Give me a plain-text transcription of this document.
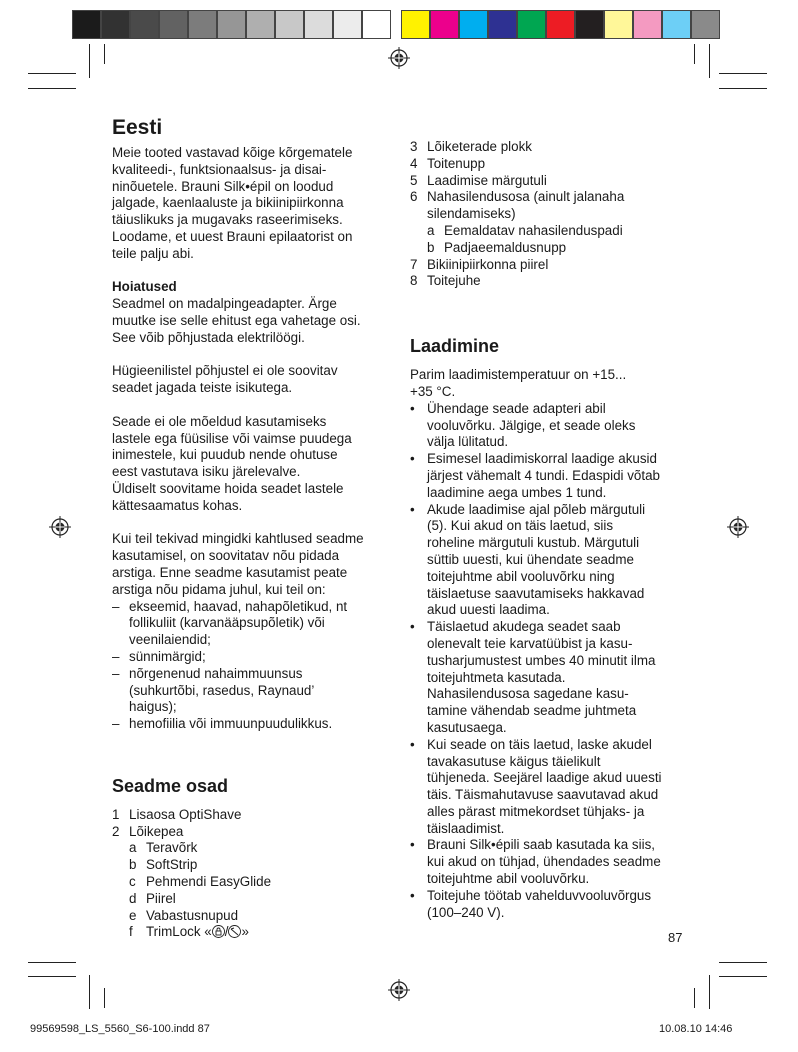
Eesti
Meie tooted vastavad kõige kõrgematele
kvaliteedi-, funktsionaalsus- ja disai-
ninõuetele. Brauni Silk•épil on loodud
jalgade, kaenlaaluste ja bikiinipiirkonna
täiuslikuks ja mugavaks raseerimiseks.
Loodame, et uuest Brauni epilaatorist on
teile palju abi.

Hoiatused

Seadmel on madalpingeadapter. Ärge
muutke ise selle ehitust ega vahetage osi.
See võib põhjustada elektrilöögi.
Hügieenilistel põhjustel ei ole soovitav
seadet jagada teiste isikutega.
Seade ei ole mõeldud kasutamiseks
lastele ega füüsilise või vaimse puudega
inimestele, kui puudub nende ohutuse
eest vastutava isiku järelevalve.
Üldiselt soovitame hoida seadet lastele
kättesaamatus kohas.
Kui teil tekivad mingidki kahtlused seadme
kasutamisel, on soovitatav nõu pidada
arstiga. Enne seadme kasutamist peate
arstiga nõu pidama juhul, kui teil on:
– ekseemid, haavad, nahapõletikud, nt
follikuliit (karvanääpsupõletik) või
veenilaiendid;
– sünnimärgid;
– nõrgenenud nahaimmuunsus
(suhkurtõbi, rasedus, Raynaud’
haigus);
– hemofiilia või immuunpuudulikkus.
Seadme osad
1 Lisaosa OptiShave
2 Lõikepea
a Teravõrk
b SoftStrip
c Pehmendi EasyGlide
d Piirel
e Vabastusnupud
f TrimLock « / »
3 Lõiketerade plokk
4 Toitenupp
5 Laadimise märgutuli
6 Nahasilendusosa (ainult jalanaha
silendamiseks)
a Eemaldatav nahasilenduspadi
b Padjaeemaldusnupp
7 Bikiinipiirkonna piirel
8 Toitejuhe
Laadimine
Parim laadimistemperatuur on +15...
+35 °C.
• Ühendage seade adapteri abil
vooluvõrku. Jälgige, et seade oleks
välja lülitatud.
• Esimesel laadimiskorral laadige akusid
järjest vähemalt 4 tundi. Edaspidi võtab
laadimine aega umbes 1 tund.
• Akude laadimise ajal põleb märgutuli
(5). Kui akud on täis laetud, siis
roheline märgutuli kustub. Märgutuli
süttib uuesti, kui ühendate seadme
toitejuhtme abil vooluvõrku ning
täislaetuse saavutamiseks hakkavad
akud uuesti laadima.
• Täislaetud akudega seadet saab
olenevalt teie karvatüübist ja kasu-
tusharjumustest umbes 40 minutit ilma
toitejuhtmeta kasutada.
Nahasilendusosa sagedane kasu-
tamine vähendab seadme juhtmeta
kasutusaega.
• Kui seade on täis laetud, laske akudel
tavakasutuse käigus täielikult
tühjeneda. Seejärel laadige akud uuesti
täis. Täismahutavuse saavutavad akud
alles pärast mitmekordset tühjaks- ja
täislaadimist.
• Brauni Silk•épili saab kasutada ka siis,
kui akud on tühjad, ühendades seadme
toitejuhtme abil vooluvõrku.
• Toitejuhe töötab vahelduvvooluvõrgus
(100–240 V).
87
99569598_LS_5560_S6-100.indd 87	10.08.10 14:46
